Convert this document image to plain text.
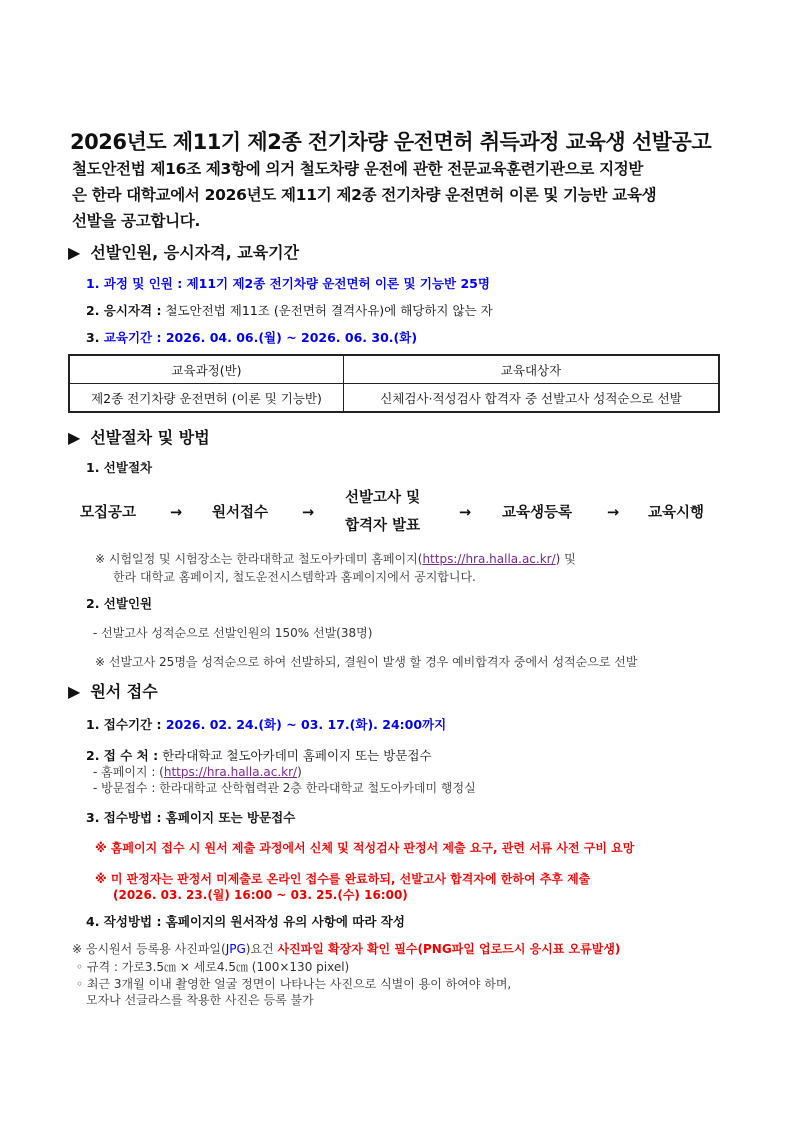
2026년도 제11기 제2종 전기차량 운전면허 취득과정 교육생 선발공고
철도안전법 제16조 제3항에 의거 철도차량 운전에 관한 전문교육훈련기관으로 지정받
은 한라 대학교에서 2026년도 제11기 제2종 전기차량 운전면허 이론 및 기능반 교육생
선발을 공고합니다.
▶ 선발인원, 응시자격, 교육기간
1. 과정 및 인원 : 제11기 제2종 전기차량 운전면허 이론 및 기능반 25명
2. 응시자격 : 철도안전법 제11조 (운전면허 결격사유)에 해당하지 않는 자
3. 교육기간 : 2026. 04. 06.(월) ~ 2026. 06. 30.(화)
교육과정(반)	교육대상자
제2종 전기차량 운전면허 (이론 및 기능반)	신체검사·적성검사 합격자 중 선발고사 성적순으로 선발
▶ 선발절차 및 방법
1. 선발절차
모집공고 → 원서접수 →
선발고사 및
합격자 발표
→ 교육생등록 → 교육시행
※ 시험일정 및 시험장소는 한라대학교 철도아카데미 홈페이지(https://hra.halla.ac.kr/) 및
한라 대학교 홈페이지, 철도운전시스템학과 홈페이지에서 공지합니다.
2. 선발인원
- 선발고사 성적순으로 선발인원의 150% 선발(38명)
※ 선발고사 25명을 성적순으로 하여 선발하되, 결원이 발생 할 경우 예비합격자 중에서 성적순으로 선발
▶ 원서 접수
1. 접수기간 : 2026. 02. 24.(화) ~ 03. 17.(화). 24:00까지
2. 접 수 처 : 한라대학교 철도아카데미 홈페이지 또는 방문접수
- 홈페이지 : (https://hra.halla.ac.kr/)
- 방문접수 : 한라대학교 산학협력관 2층 한라대학교 철도아카데미 행정실
3. 접수방법 : 홈페이지 또는 방문접수
※ 홈페이지 접수 시 원서 제출 과정에서 신체 및 적성검사 판정서 제출 요구, 관련 서류 사전 구비 요망
※ 미 판정자는 판정서 미제출로 온라인 접수를 완료하되, 선발고사 합격자에 한하여 추후 제출
(2026. 03. 23.(월) 16:00 ~ 03. 25.(수) 16:00)
4. 작성방법 : 홈페이지의 원서작성 유의 사항에 따라 작성
※ 응시원서 등록용 사진파일(JPG)요건 사진파일 확장자 확인 필수(PNG파일 업로드시 응시표 오류발생)
◦ 규격 : 가로3.5㎝ × 세로4.5㎝ (100×130 pixel)
◦ 최근 3개월 이내 촬영한 얼굴 정면이 나타나는 사진으로 식별이 용이 하여야 하며,
모자나 선글라스를 착용한 사진은 등록 불가
